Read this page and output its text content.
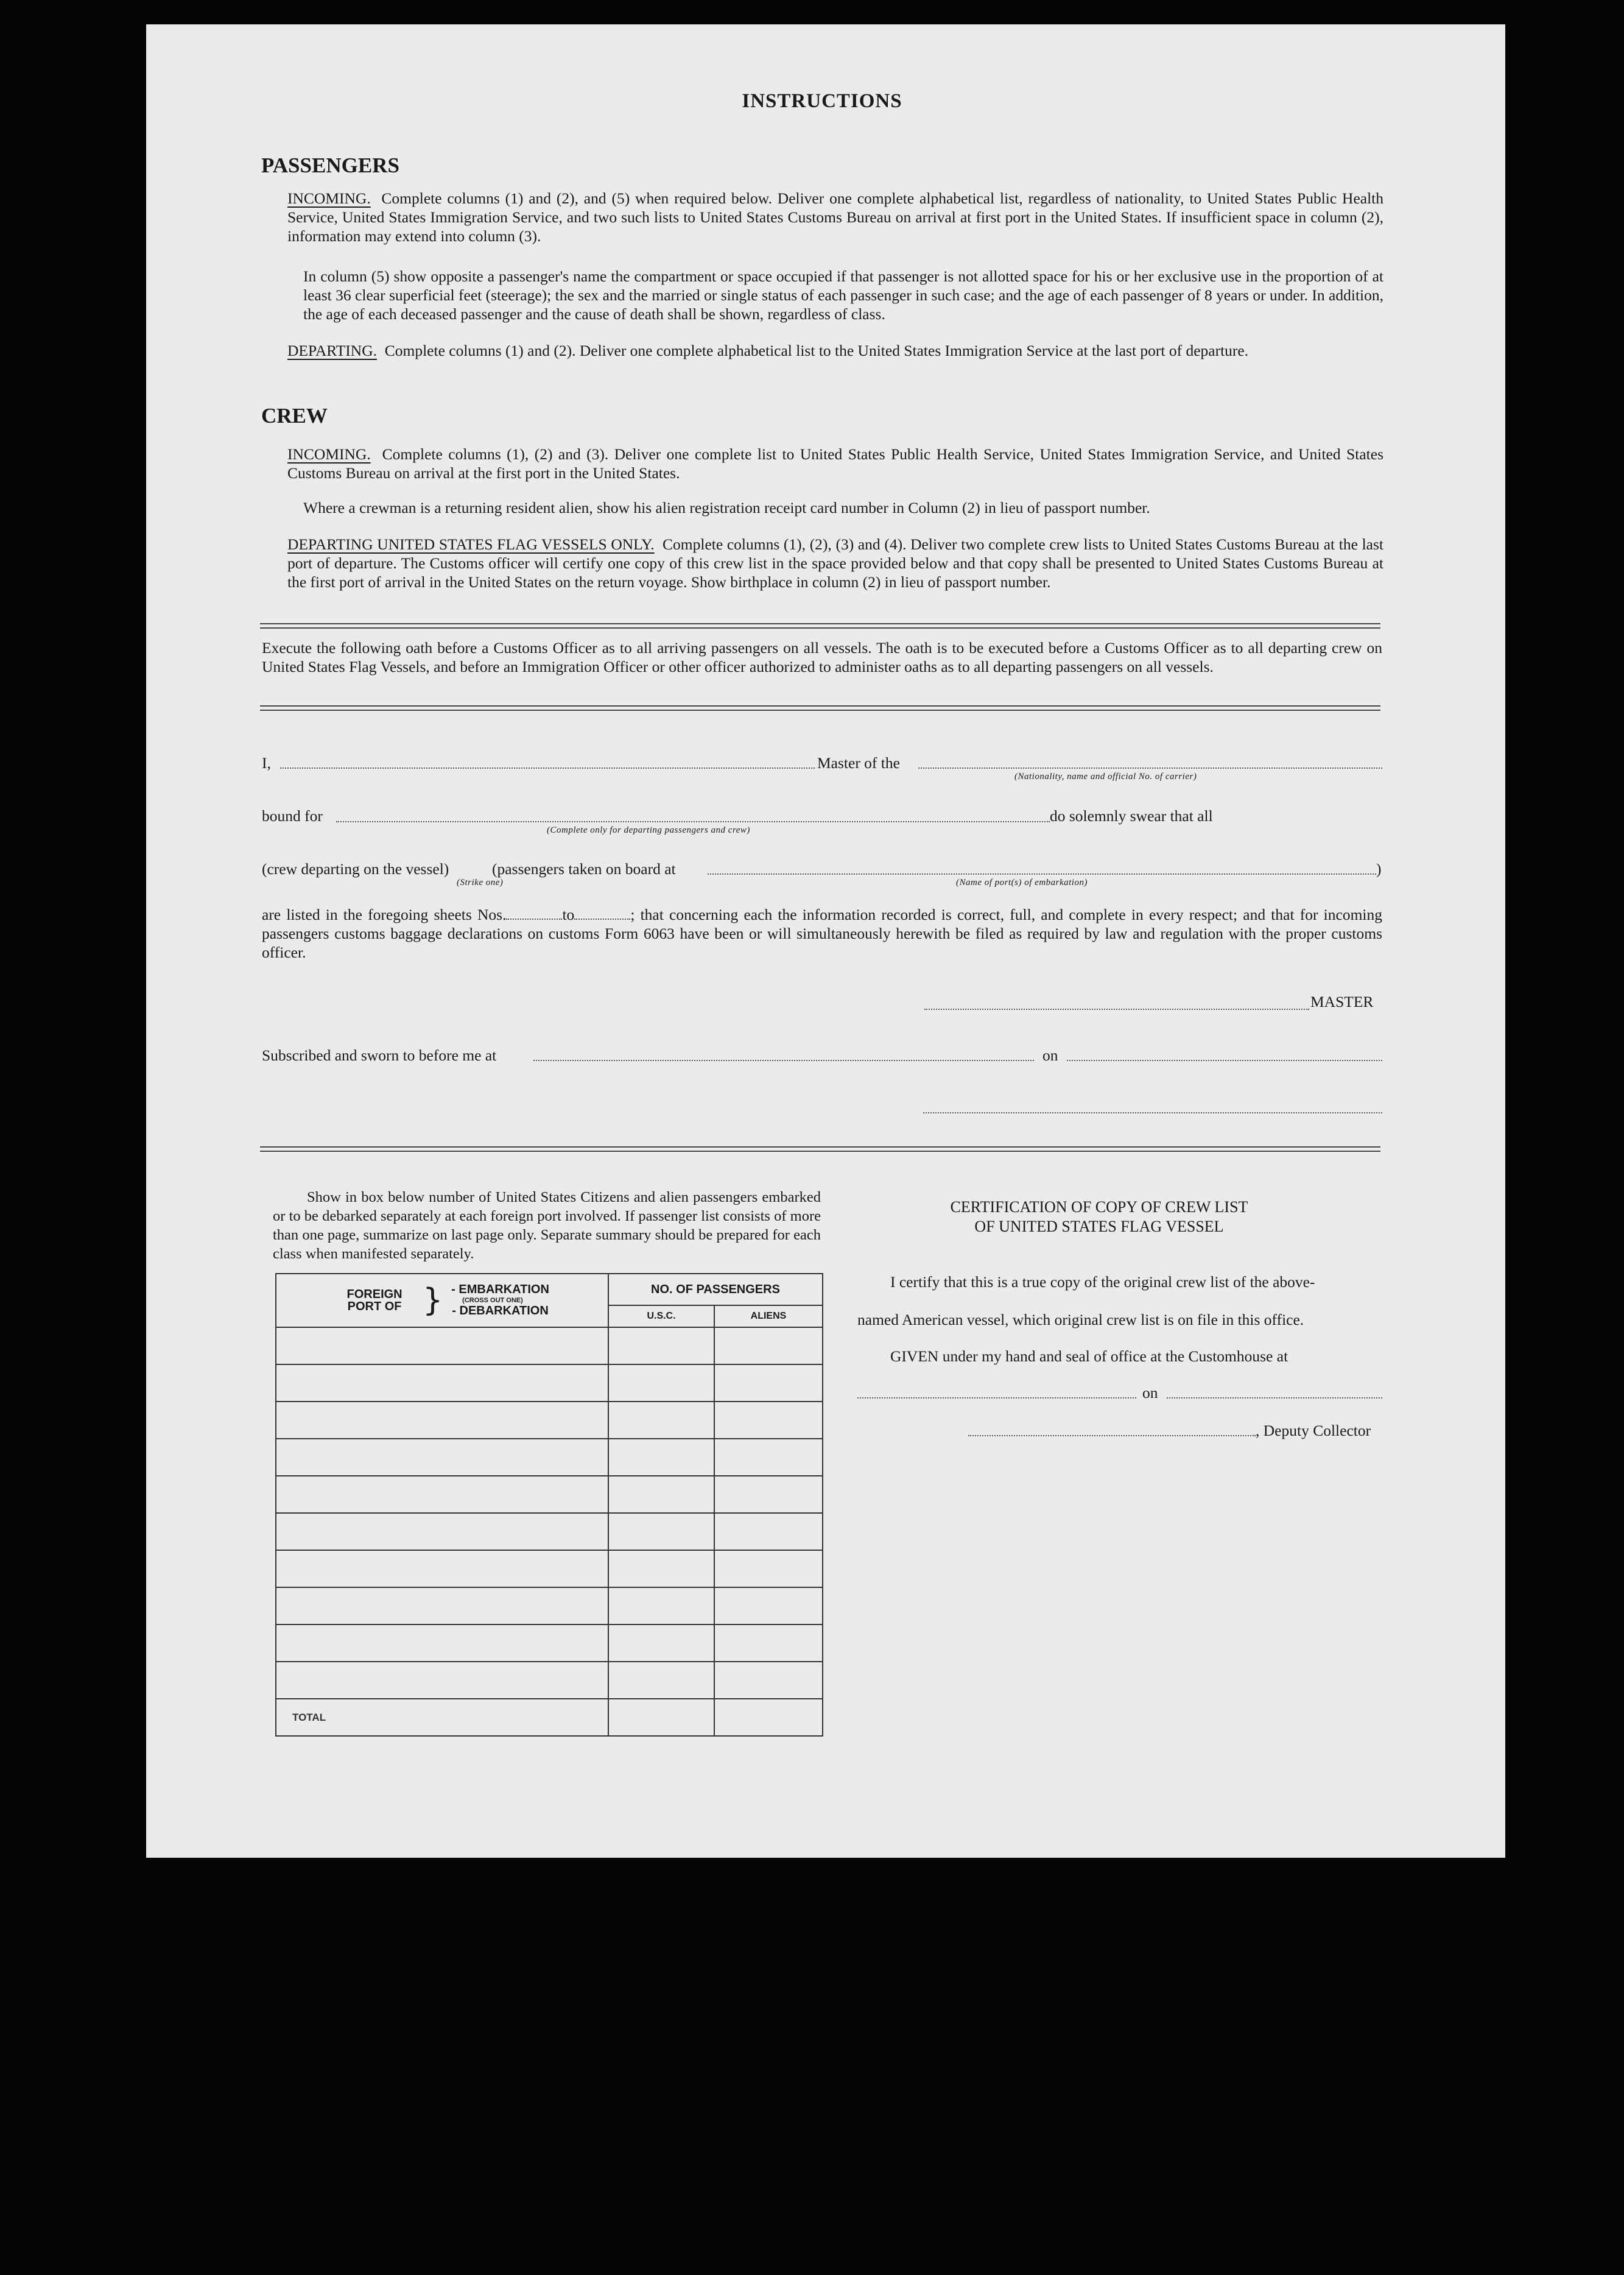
INSTRUCTIONS
PASSENGERS
INCOMING. Complete columns (1) and (2), and (5) when required below. Deliver one complete alphabetical list, regardless of nationality, to United States Public Health Service, United States Immigration Service, and two such lists to United States Customs Bureau on arrival at first port in the United States. If insufficient space in column (2), information may extend into column (3).
In column (5) show opposite a passenger's name the compartment or space occupied if that passenger is not allotted space for his or her exclusive use in the proportion of at least 36 clear superficial feet (steerage); the sex and the married or single status of each passenger in such case; and the age of each passenger of 8 years or under. In addition, the age of each deceased passenger and the cause of death shall be shown, regardless of class.
DEPARTING. Complete columns (1) and (2). Deliver one complete alphabetical list to the United States Immigration Service at the last port of departure.
CREW
INCOMING. Complete columns (1), (2) and (3). Deliver one complete list to United States Public Health Service, United States Immigration Service, and United States Customs Bureau on arrival at the first port in the United States.
Where a crewman is a returning resident alien, show his alien registration receipt card number in Column (2) in lieu of passport number.
DEPARTING UNITED STATES FLAG VESSELS ONLY. Complete columns (1), (2), (3) and (4). Deliver two complete crew lists to United States Customs Bureau at the last port of departure. The Customs officer will certify one copy of this crew list in the space provided below and that copy shall be presented to United States Customs Bureau at the first port of arrival in the United States on the return voyage. Show birthplace in column (2) in lieu of passport number.
Execute the following oath before a Customs Officer as to all arriving passengers on all vessels. The oath is to be executed before a Customs Officer as to all departing crew on United States Flag Vessels, and before an Immigration Officer or other officer authorized to administer oaths as to all departing passengers on all vessels.
I,	Master of the
(Nationality, name and official No. of carrier)
bound for
(Complete only for departing passengers and crew)
do solemnly swear that all
(crew departing on the vessel)	(passengers taken on board at	)
(Strike one)	(Name of port(s) of embarkation)
are listed in the foregoing sheets Nos.	to	; that concerning each the information recorded is correct, full, and complete in every respect; and that for incoming passengers customs baggage declarations on customs Form 6063 have been or will simultaneously herewith be filed as required by law and regulation with the proper customs officer.
MASTER
Subscribed and sworn to before me at	on
Show in box below number of United States Citizens and alien passengers embarked or to be debarked separately at each foreign port involved. If passenger list consists of more than one page, summarize on last page only. Separate summary should be prepared for each class when manifested separately.
FOREIGN PORT OF } - EMBARKATION
(CROSS OUT ONE)
- DEBARKATION	NO. OF PASSENGERS	
	U.S.C.	ALIENS

TOTAL		
CERTIFICATION OF COPY OF CREW LIST
OF UNITED STATES FLAG VESSEL
I certify that this is a true copy of the original crew list of the above-
named American vessel, which original crew list is on file in this office.
GIVEN under my hand and seal of office at the Customhouse at
on
, Deputy Collector
